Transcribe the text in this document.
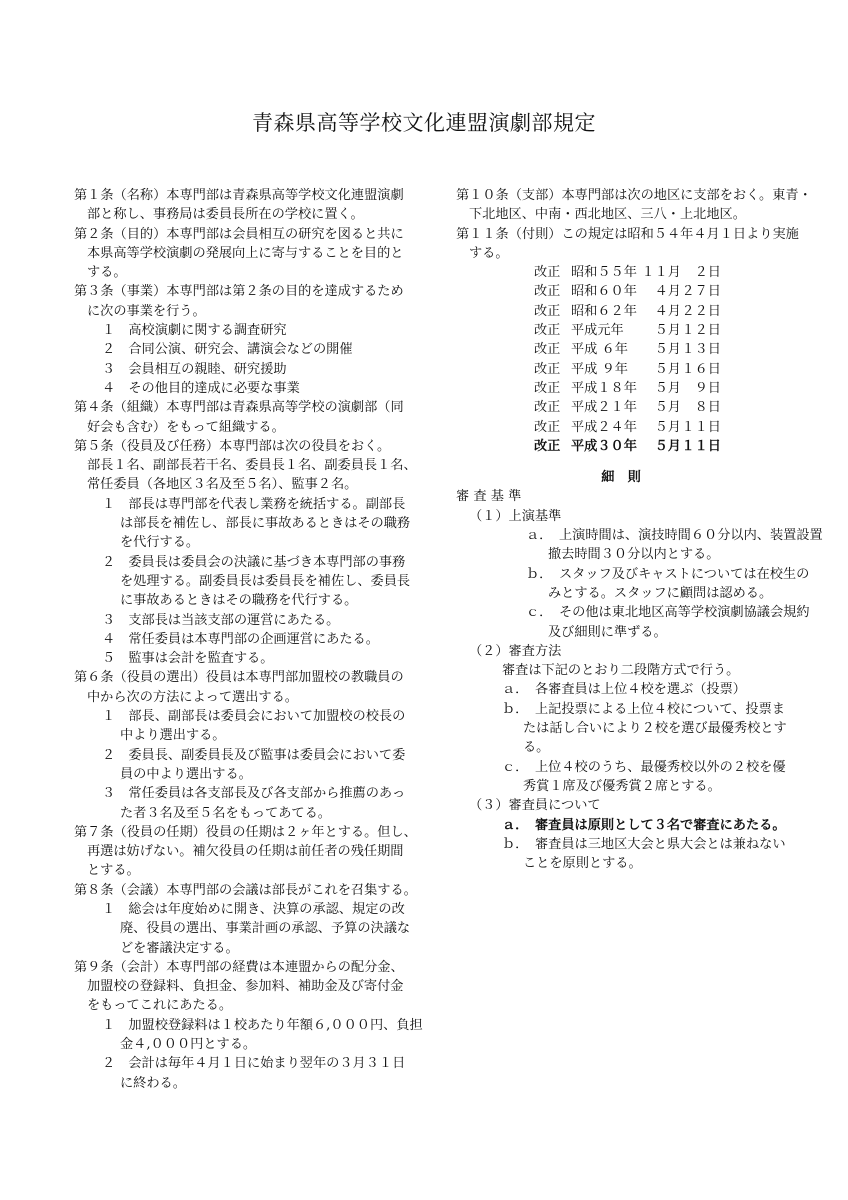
青森県高等学校文化連盟演劇部規定
第１条（名称）本専門部は青森県高等学校文化連盟演劇
部と称し、事務局は委員長所在の学校に置く。
第２条（目的）本専門部は会員相互の研究を図ると共に
本県高等学校演劇の発展向上に寄与することを目的と
する。
第３条（事業）本専門部は第２条の目的を達成するため
に次の事業を行う。
１　高校演劇に関する調査研究
２　合同公演、研究会、講演会などの開催
３　会員相互の親睦、研究援助
４　その他目的達成に必要な事業
第４条（組織）本専門部は青森県高等学校の演劇部（同
好会も含む）をもって組織する。
第５条（役員及び任務）本専門部は次の役員をおく。
部長１名、副部長若干名、委員長１名、副委員長１名、
常任委員（各地区３名及至５名）、監事２名。
１　部長は専門部を代表し業務を統括する。副部長
は部長を補佐し、部長に事故あるときはその職務
を代行する。
２　委員長は委員会の決議に基づき本専門部の事務
を処理する。副委員長は委員長を補佐し、委員長
に事故あるときはその職務を代行する。
３　支部長は当該支部の運営にあたる。
４　常任委員は本専門部の企画運営にあたる。
５　監事は会計を監査する。
第６条（役員の選出）役員は本専門部加盟校の教職員の
中から次の方法によって選出する。
１　部長、副部長は委員会において加盟校の校長の
中より選出する。
２　委員長、副委員長及び監事は委員会において委
員の中より選出する。
３　常任委員は各支部長及び各支部から推薦のあっ
た者３名及至５名をもってあてる。
第７条（役員の任期）役員の任期は２ヶ年とする。但し、
再選は妨げない。補欠役員の任期は前任者の残任期間
とする。
第８条（会議）本専門部の会議は部長がこれを召集する。
１　総会は年度始めに開き、決算の承認、規定の改
廃、役員の選出、事業計画の承認、予算の決議な
どを審議決定する。
第９条（会計）本専門部の経費は本連盟からの配分金、
加盟校の登録料、負担金、参加料、補助金及び寄付金
をもってこれにあたる。
１　加盟校登録料は１校あたり年額６,０００円、負担
金４,０００円とする。
２　会計は毎年４月１日に始まり翌年の３月３１日
に終わる。
第１０条（支部）本専門部は次の地区に支部をおく。東青・
下北地区、中南・西北地区、三八・上北地区。
第１１条（付則）この規定は昭和５４年４月１日より実施
する。
改正 昭和５５年 １１月	２日
改正 昭和６０年	４月 ２７日
改正 昭和６２年	４月 ２２日
改正 平成元年	５月 １２日
改正 平成 ６年	５月 １３日
改正 平成 ９年	５月 １６日
改正 平成１８年	５月	９日
改正 平成２１年	５月	８日
改正 平成２４年	５月 １１日
改正 平成３０年	５月 １１日
細　則
審 査 基 準
（１）上演基準
ａ．　上演時間は、演技時間６０分以内、装置設置
撤去時間３０分以内とする。
ｂ．　スタッフ及びキャストについては在校生の
みとする。スタッフに顧問は認める。
ｃ．　その他は東北地区高等学校演劇協議会規約
及び細則に準ずる。
（２）審査方法
審査は下記のとおり二段階方式で行う。
ａ．　各審査員は上位４校を選ぶ（投票）
ｂ．　上記投票による上位４校について、投票ま
たは話し合いにより２校を選び最優秀校とす
る。
ｃ．　上位４校のうち、最優秀校以外の２校を優
秀賞１席及び優秀賞２席とする。
（３）審査員について
ａ．　審査員は原則として３名で審査にあたる。
ｂ．　審査員は三地区大会と県大会とは兼ねない
ことを原則とする。
